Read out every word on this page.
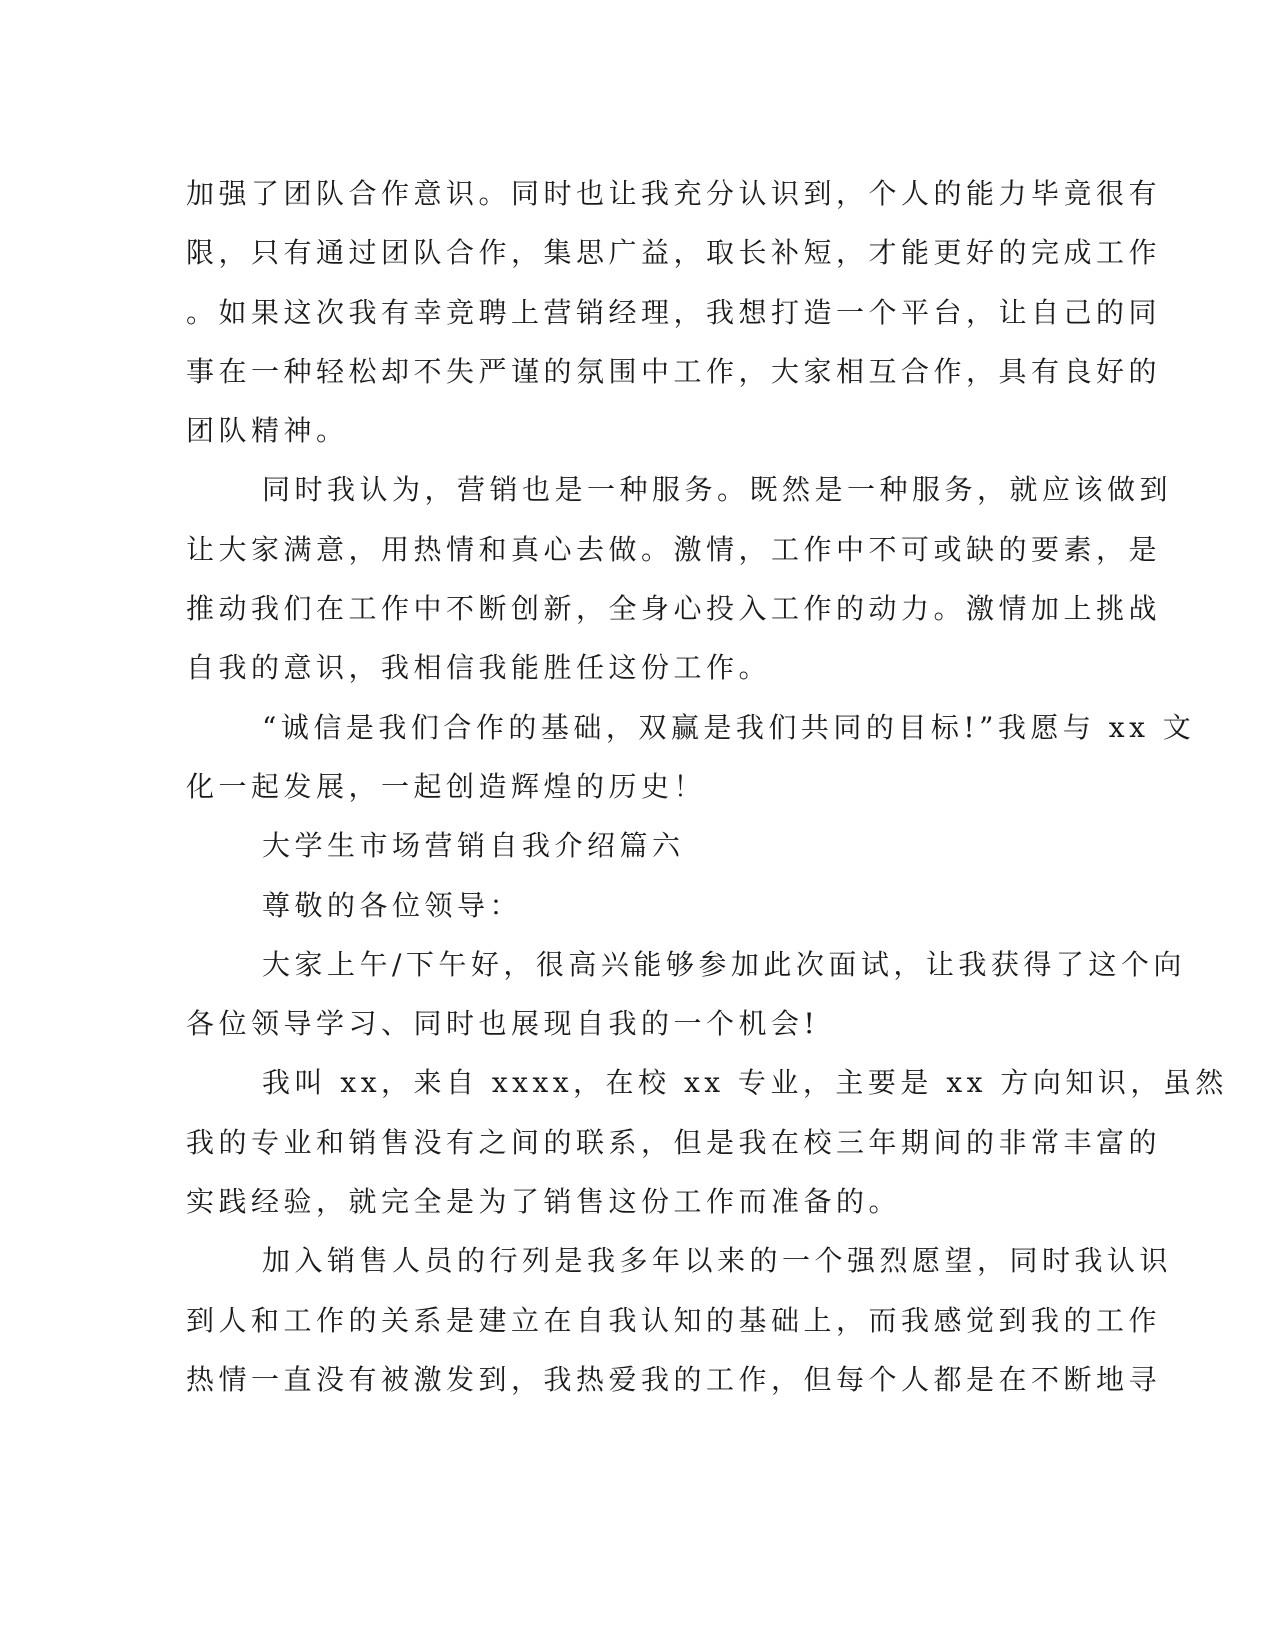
加强了团队合作意识。同时也让我充分认识到，个人的能力毕竟很有
限，只有通过团队合作，集思广益，取长补短，才能更好的完成工作
。如果这次我有幸竞聘上营销经理，我想打造一个平台，让自己的同
事在一种轻松却不失严谨的氛围中工作，大家相互合作，具有良好的
团队精神。
同时我认为，营销也是一种服务。既然是一种服务，就应该做到
让大家满意，用热情和真心去做。激情，工作中不可或缺的要素，是
推动我们在工作中不断创新，全身心投入工作的动力。激情加上挑战
自我的意识，我相信我能胜任这份工作。
“诚信是我们合作的基础，双赢是我们共同的目标!”我愿与 xx 文
化一起发展，一起创造辉煌的历史！
大学生市场营销自我介绍篇六
尊敬的各位领导：
大家上午/下午好，很高兴能够参加此次面试，让我获得了这个向
各位领导学习、同时也展现自我的一个机会!
我叫 xx，来自 xxxx，在校 xx 专业，主要是 xx 方向知识，虽然
我的专业和销售没有之间的联系，但是我在校三年期间的非常丰富的
实践经验，就完全是为了销售这份工作而准备的。
加入销售人员的行列是我多年以来的一个强烈愿望，同时我认识
到人和工作的关系是建立在自我认知的基础上，而我感觉到我的工作
热情一直没有被激发到，我热爱我的工作，但每个人都是在不断地寻
